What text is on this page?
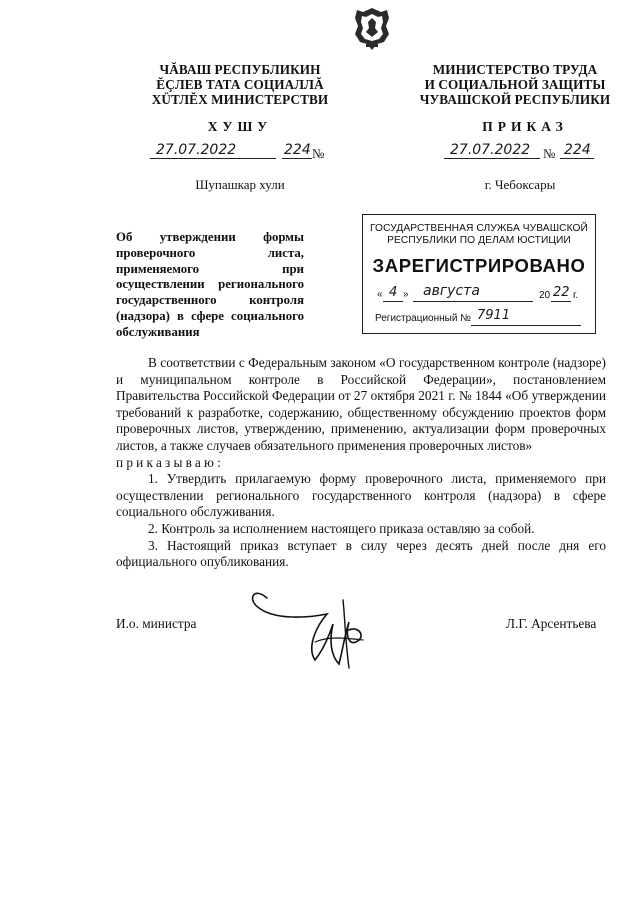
ЧĂВАШ РЕСПУБЛИКИН
ĔÇЛЕВ ТАТА СОЦИАЛЛĂ
ХÜТЛĔХ МИНИСТЕРСТВИ
МИНИСТЕРСТВО ТРУДА
И СОЦИАЛЬНОЙ ЗАЩИТЫ
ЧУВАШСКОЙ РЕСПУБЛИКИ
ХУШУ	ПРИКАЗ
27.07.2022	224 №	27.07.2022 № 224
Шупашкар хули	г. Чебоксары
Об утверждении формы проверочного листа, применяемого при осуществлении регионального государственного контроля (надзора) в сфере социального обслуживания
ГОСУДАРСТВЕННАЯ СЛУЖБА ЧУВАШСКОЙ
РЕСПУБЛИКИ ПО ДЕЛАМ ЮСТИЦИИ
ЗАРЕГИСТРИРОВАНО
« 4 » августа	20 22 г.
Регистрационный № 7911

В соответствии с Федеральным законом «О государственном контроле (надзоре) и муниципальном контроле в Российской Федерации», постановлением Правительства Российской Федерации от 27 октября 2021 г. № 1844 «Об утверждении требований к разработке, содержанию, общественному обсуждению проектов форм проверочных листов, утверждению, применению, актуализации форм проверочных листов, а также случаев обязательного применения проверочных листов»

приказываю:

1. Утвердить прилагаемую форму проверочного листа, применяемого при осуществлении регионального государственного контроля (надзора) в сфере социального обслуживания.

2. Контроль за исполнением настоящего приказа оставляю за собой.

3. Настоящий приказ вступает в силу через десять дней после дня его официального опубликования.

И.о. министра	Л.Г. Арсентьева
